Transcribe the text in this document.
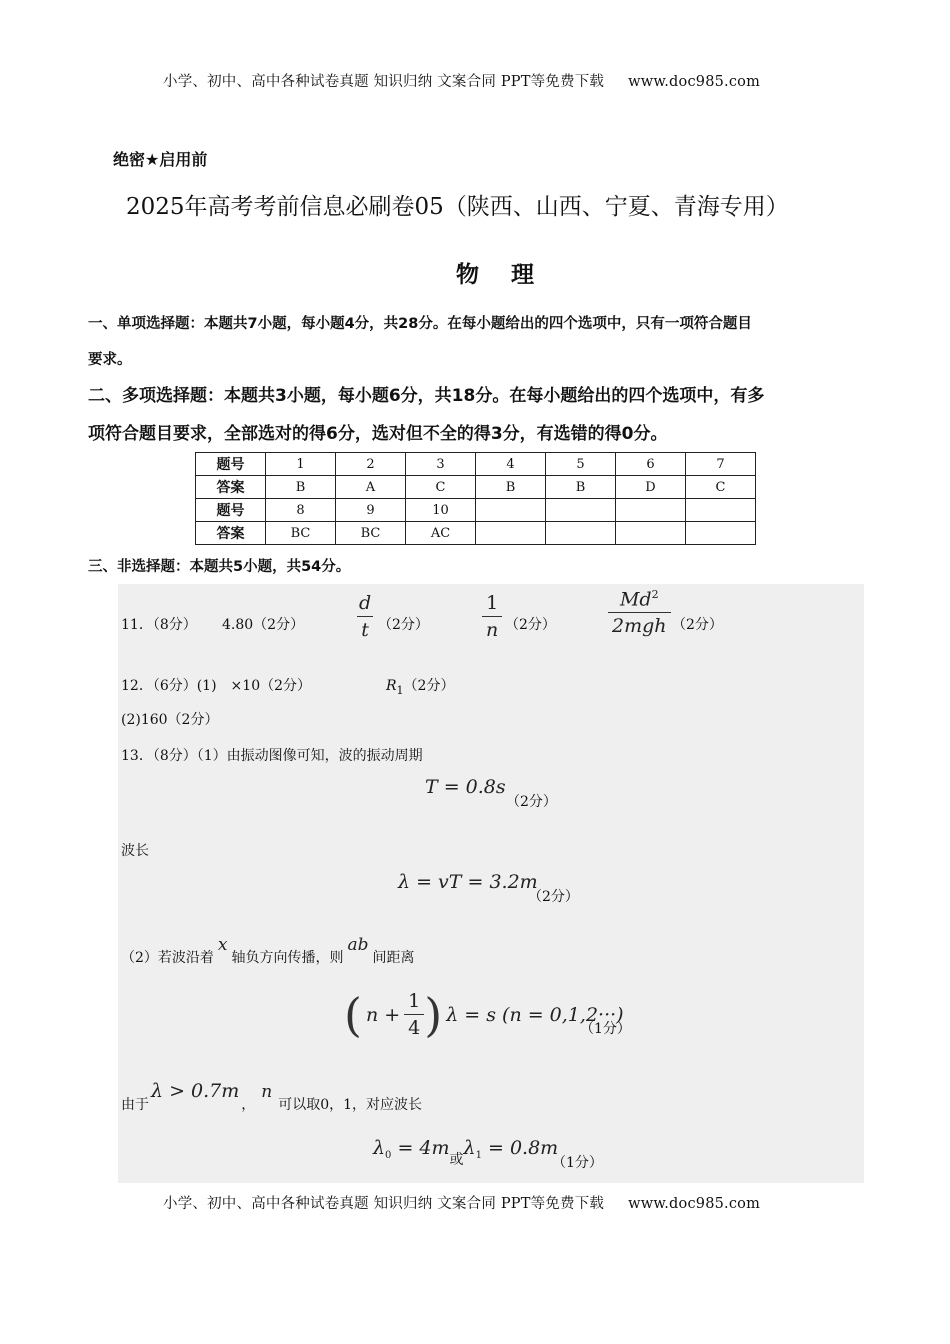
小学、初中、高中各种试卷真题 知识归纳 文案合同 PPT等免费下载 www.doc985.com
绝密★启用前
2025年高考考前信息必刷卷05（陕西、山西、宁夏、青海专用）
物 理
一、单项选择题：本题共7小题，每小题4分，共28分。在每小题给出的四个选项中，只有一项符合题目
要求。
二、多项选择题：本题共3小题，每小题6分，共18分。在每小题给出的四个选项中，有多
项符合题目要求，全部选对的得6分，选对但不全的得3分，有选错的得0分。
题号	1	2	3	4	5	6	7
答案	B	A	C	B	B	D	C
题号	8	9	10				
答案	BC	BC	AC				
三、非选择题：本题共5小题，共54分。
11．（8分） 4.80（2分）	$\frac{d}{t} (2$分）	$\frac{1}{n} (2$分）
Md$^2$
2mgh （2分）
12．（6分）(1)　×10（2分）	$R_1(2$分）
(2)160（2分）
13．（8分）（1）由振动图像可知，波的振动周期
T = 0.8s
（2分）
波长
λ = vT = 3.2m
（2分）
（2）若波沿着x轴负方向传播，则ab间距离
( $n + \frac{1}{4}$ ) λ = s (n = 0,1,2···)
（1分）
由于λ > 0.7m，n可以取0，1，对应波长
$\lambda_0 = 4m$或$\lambda_1 = 0.8m$
（1分）
小学、初中、高中各种试卷真题 知识归纳 文案合同 PPT等免费下载 www.doc985.com
